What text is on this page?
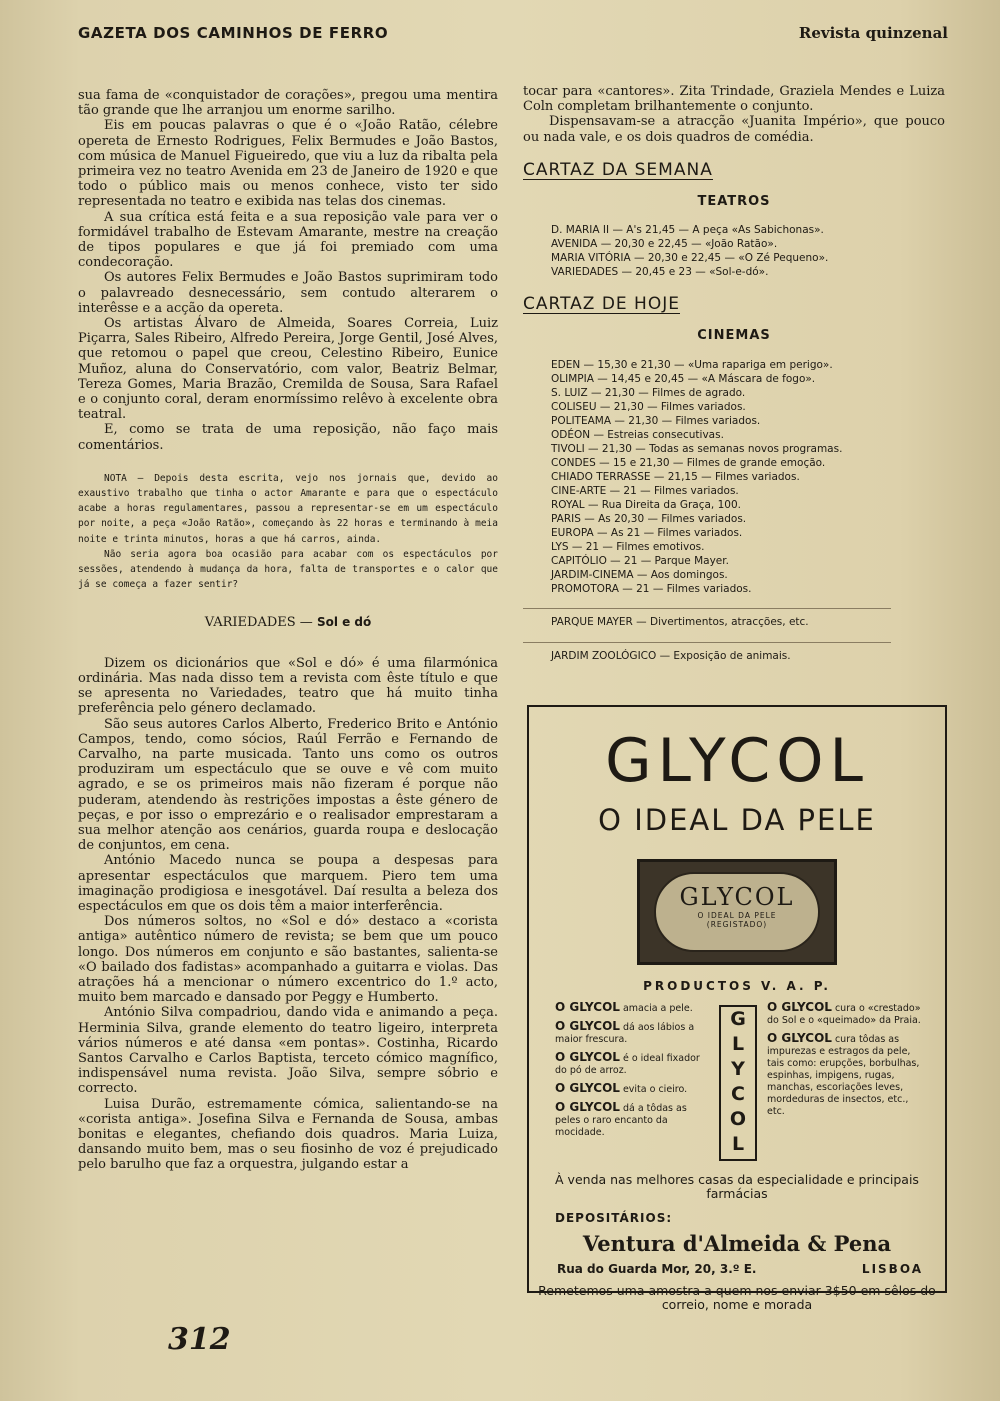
GAZETA DOS CAMINHOS DE FERRO	Revista quinzenal

sua fama de «conquistador de corações», pregou uma mentira tão grande que lhe arranjou um enorme sarilho.

Eis em poucas palavras o que é o «João Ratão, célebre opereta de Ernesto Rodrigues, Felix Bermudes e João Bastos, com música de Manuel Figueiredo, que viu a luz da ribalta pela primeira vez no teatro Avenida em 23 de Janeiro de 1920 e que todo o público mais ou menos conhece, visto ter sido representada no teatro e exibida nas telas dos cinemas.

A sua crítica está feita e a sua reposição vale para ver o formidável trabalho de Estevam Amarante, mestre na creação de tipos populares e que já foi premiado com uma condecoração.

Os autores Felix Bermudes e João Bastos suprimiram todo o palavreado desnecessário, sem contudo alterarem o interêsse e a acção da opereta.

Os artistas Álvaro de Almeida, Soares Correia, Luiz Piçarra, Sales Ribeiro, Alfredo Pereira, Jorge Gentil, José Alves, que retomou o papel que creou, Celestino Ribeiro, Eunice Muñoz, aluna do Conservatório, com valor, Beatriz Belmar, Tereza Gomes, Maria Brazão, Cremilda de Sousa, Sara Rafael e o conjunto coral, deram enormíssimo relêvo à excelente obra teatral.

E, como se trata de uma reposição, não faço mais comentários.

NOTA — Depois desta escrita, vejo nos jornais que, devido ao exaustivo trabalho que tinha o actor Amarante e para que o espectáculo acabe a horas regulamentares, passou a representar-se em um espectáculo por noite, a peça «João Ratão», começando às 22 horas e terminando à meia noite e trinta minutos, horas a que há carros, ainda.

Não seria agora boa ocasião para acabar com os espectáculos por sessões, atendendo à mudança da hora, falta de transportes e o calor que já se começa a fazer sentir?

VARIEDADES — Sol e dó

Dizem os dicionários que «Sol e dó» é uma filarmónica ordinária. Mas nada disso tem a revista com êste título e que se apresenta no Variedades, teatro que há muito tinha preferência pelo género declamado.

São seus autores Carlos Alberto, Frederico Brito e António Campos, tendo, como sócios, Raúl Ferrão e Fernando de Carvalho, na parte musicada. Tanto uns como os outros produziram um espectáculo que se ouve e vê com muito agrado, e se os primeiros mais não fizeram é porque não puderam, atendendo às restrições impostas a êste género de peças, e por isso o emprezário e o realisador emprestaram a sua melhor atenção aos cenários, guarda roupa e deslocação de conjuntos, em cena.

António Macedo nunca se poupa a despesas para apresentar espectáculos que marquem. Piero tem uma imaginação prodigiosa e inesgotável. Daí resulta a beleza dos espectáculos em que os dois têm a maior interferência.

Dos números soltos, no «Sol e dó» destaco a «corista antiga» autêntico número de revista; se bem que um pouco longo. Dos números em conjunto e são bastantes, salienta-se «O bailado dos fadistas» acompanhado a guitarra e violas. Das atrações há a mencionar o número excentrico do 1.º acto, muito bem marcado e dansado por Peggy e Humberto.

António Silva compadriou, dando vida e animando a peça. Herminia Silva, grande elemento do teatro ligeiro, interpreta vários números e até dansa «em pontas». Costinha, Ricardo Santos Carvalho e Carlos Baptista, terceto cómico magnífico, indispensável numa revista. João Silva, sempre sóbrio e correcto.

Luisa Durão, estremamente cómica, salientando-se na «corista antiga». Josefina Silva e Fernanda de Sousa, ambas bonitas e elegantes, chefiando dois quadros. Maria Luiza, dansando muito bem, mas o seu fiosinho de voz é prejudicado pelo barulho que faz a orquestra, julgando estar a

tocar para «cantores». Zita Trindade, Graziela Mendes e Luiza Coln completam brilhantemente o conjunto.

Dispensavam-se a atracção «Juanita Império», que pouco ou nada vale, e os dois quadros de comédia.

CARTAZ DA SEMANA
TEATROS
D. MARIA II — A's 21,45 — A peça «As Sabichonas».
AVENIDA — 20,30 e 22,45 — «João Ratão».
MARIA VITÓRIA — 20,30 e 22,45 — «O Zé Pequeno».
VARIEDADES — 20,45 e 23 — «Sol-e-dó».
CARTAZ DE HOJE
CINEMAS
EDEN — 15,30 e 21,30 — «Uma rapariga em perigo».
OLIMPIA — 14,45 e 20,45 — «A Máscara de fogo».
S. LUIZ — 21,30 — Filmes de agrado.
COLISEU — 21,30 — Filmes variados.
POLITEAMA — 21,30 — Filmes variados.
ODÉON — Estreias consecutivas.
TIVOLI — 21,30 — Todas as semanas novos programas.
CONDES — 15 e 21,30 — Filmes de grande emoção.
CHIADO TERRASSE — 21,15 — Filmes variados.
CINE-ARTE — 21 — Filmes variados.
ROYAL — Rua Direita da Graça, 100.
PARIS — As 20,30 — Filmes variados.
EUROPA — As 21 — Filmes variados.
LYS — 21 — Filmes emotivos.
CAPITÓLIO — 21 — Parque Mayer.
JARDIM-CINEMA — Aos domingos.
PROMOTORA — 21 — Filmes variados.
PARQUE MAYER — Divertimentos, atracções, etc.
JARDIM ZOOLÓGICO — Exposição de animais.
GLYCOL
O IDEAL DA PELE
GLYCOL
O IDEAL DA PELE
(REGISTADO)
PRODUCTOS V. A. P.
O GLYCOL amacia a pele.
O GLYCOL dá aos lábios a maior frescura.
O GLYCOL é o ideal fixador do pó de arroz.
O GLYCOL evita o cieiro.
O GLYCOL dá a tôdas as peles o raro encanto da mocidade.
G
L
Y
C
O
L
O GLYCOL cura o «crestado» do Sol e o «queimado» da Praia.
O GLYCOL cura tôdas as impurezas e estragos da pele, tais como: erupções, borbulhas, espinhas, impigens, rugas, manchas, escoriações leves, mordeduras de insectos, etc., etc.
À venda nas melhores casas da especialidade e principais farmácias
DEPOSITÁRIOS:
Ventura d'Almeida & Pena
Rua do Guarda Mor, 20, 3.º E.	LISBOA
Remetemos uma amostra a quem nos enviar 3$50 em sêlos do correio, nome e morada
312
